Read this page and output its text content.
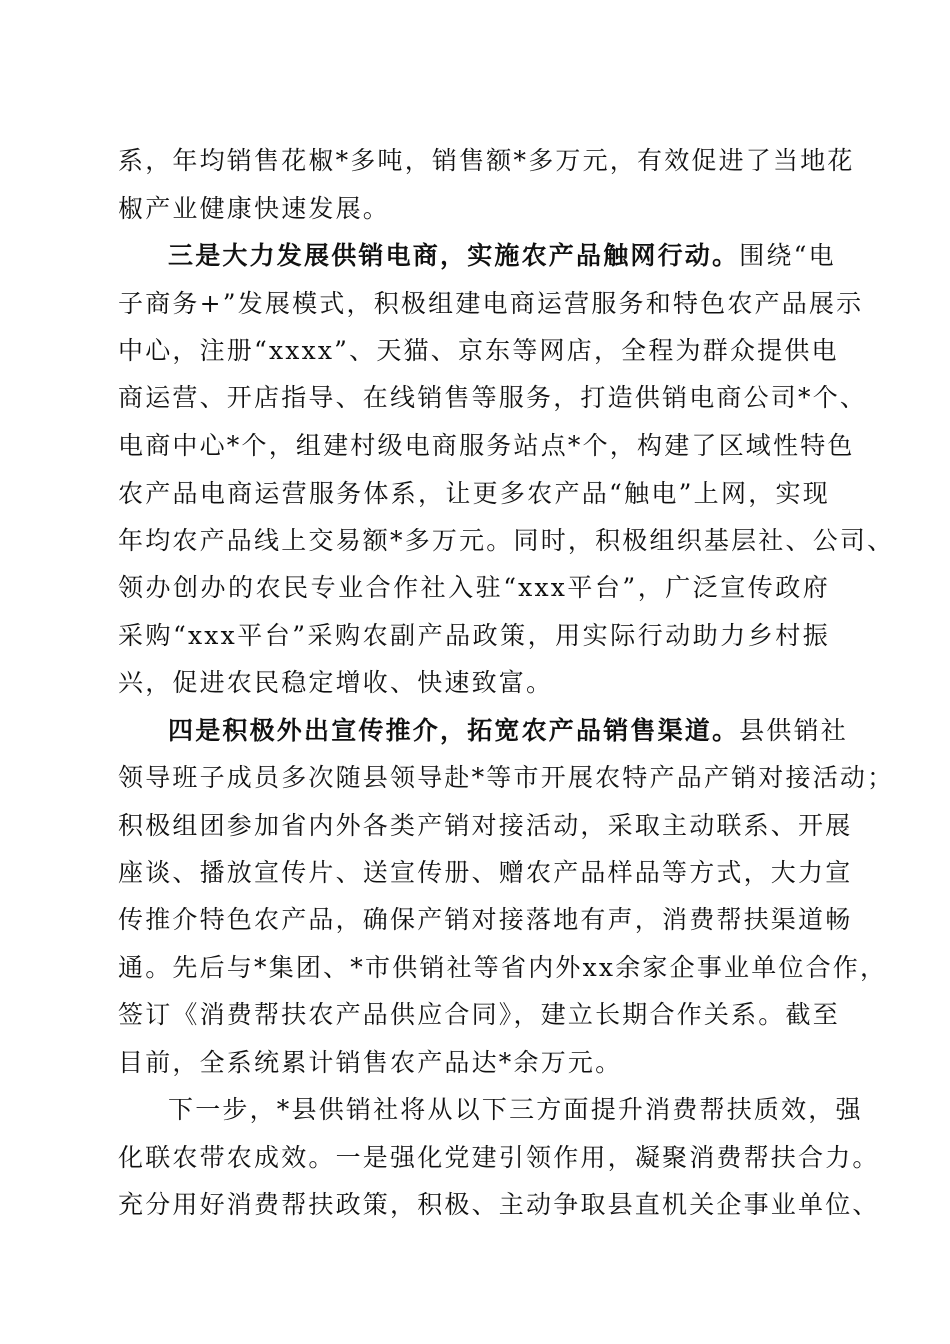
系，年均销售花椒*多吨，销售额*多万元，有效促进了当地花
椒产业健康快速发展。
三是大力发展供销电商，实施农产品触网行动。围绕“电
子商务+”发展模式，积极组建电商运营服务和特色农产品展示
中心，注册“xxxx”、天猫、京东等网店，全程为群众提供电
商运营、开店指导、在线销售等服务，打造供销电商公司*个、
电商中心*个，组建村级电商服务站点*个，构建了区域性特色
农产品电商运营服务体系，让更多农产品“触电”上网，实现
年均农产品线上交易额*多万元。同时，积极组织基层社、公司、
领办创办的农民专业合作社入驻“xxx平台”，广泛宣传政府
采购“xxx平台”采购农副产品政策，用实际行动助力乡村振
兴，促进农民稳定增收、快速致富。
四是积极外出宣传推介，拓宽农产品销售渠道。县供销社
领导班子成员多次随县领导赴*等市开展农特产品产销对接活动；
积极组团参加省内外各类产销对接活动，采取主动联系、开展
座谈、播放宣传片、送宣传册、赠农产品样品等方式，大力宣
传推介特色农产品，确保产销对接落地有声，消费帮扶渠道畅
通。先后与*集团、*市供销社等省内外xx余家企事业单位合作，
签订《消费帮扶农产品供应合同》，建立长期合作关系。截至
目前，全系统累计销售农产品达*余万元。
下一步，*县供销社将从以下三方面提升消费帮扶质效，强
化联农带农成效。一是强化党建引领作用，凝聚消费帮扶合力。
充分用好消费帮扶政策，积极、主动争取县直机关企事业单位、
